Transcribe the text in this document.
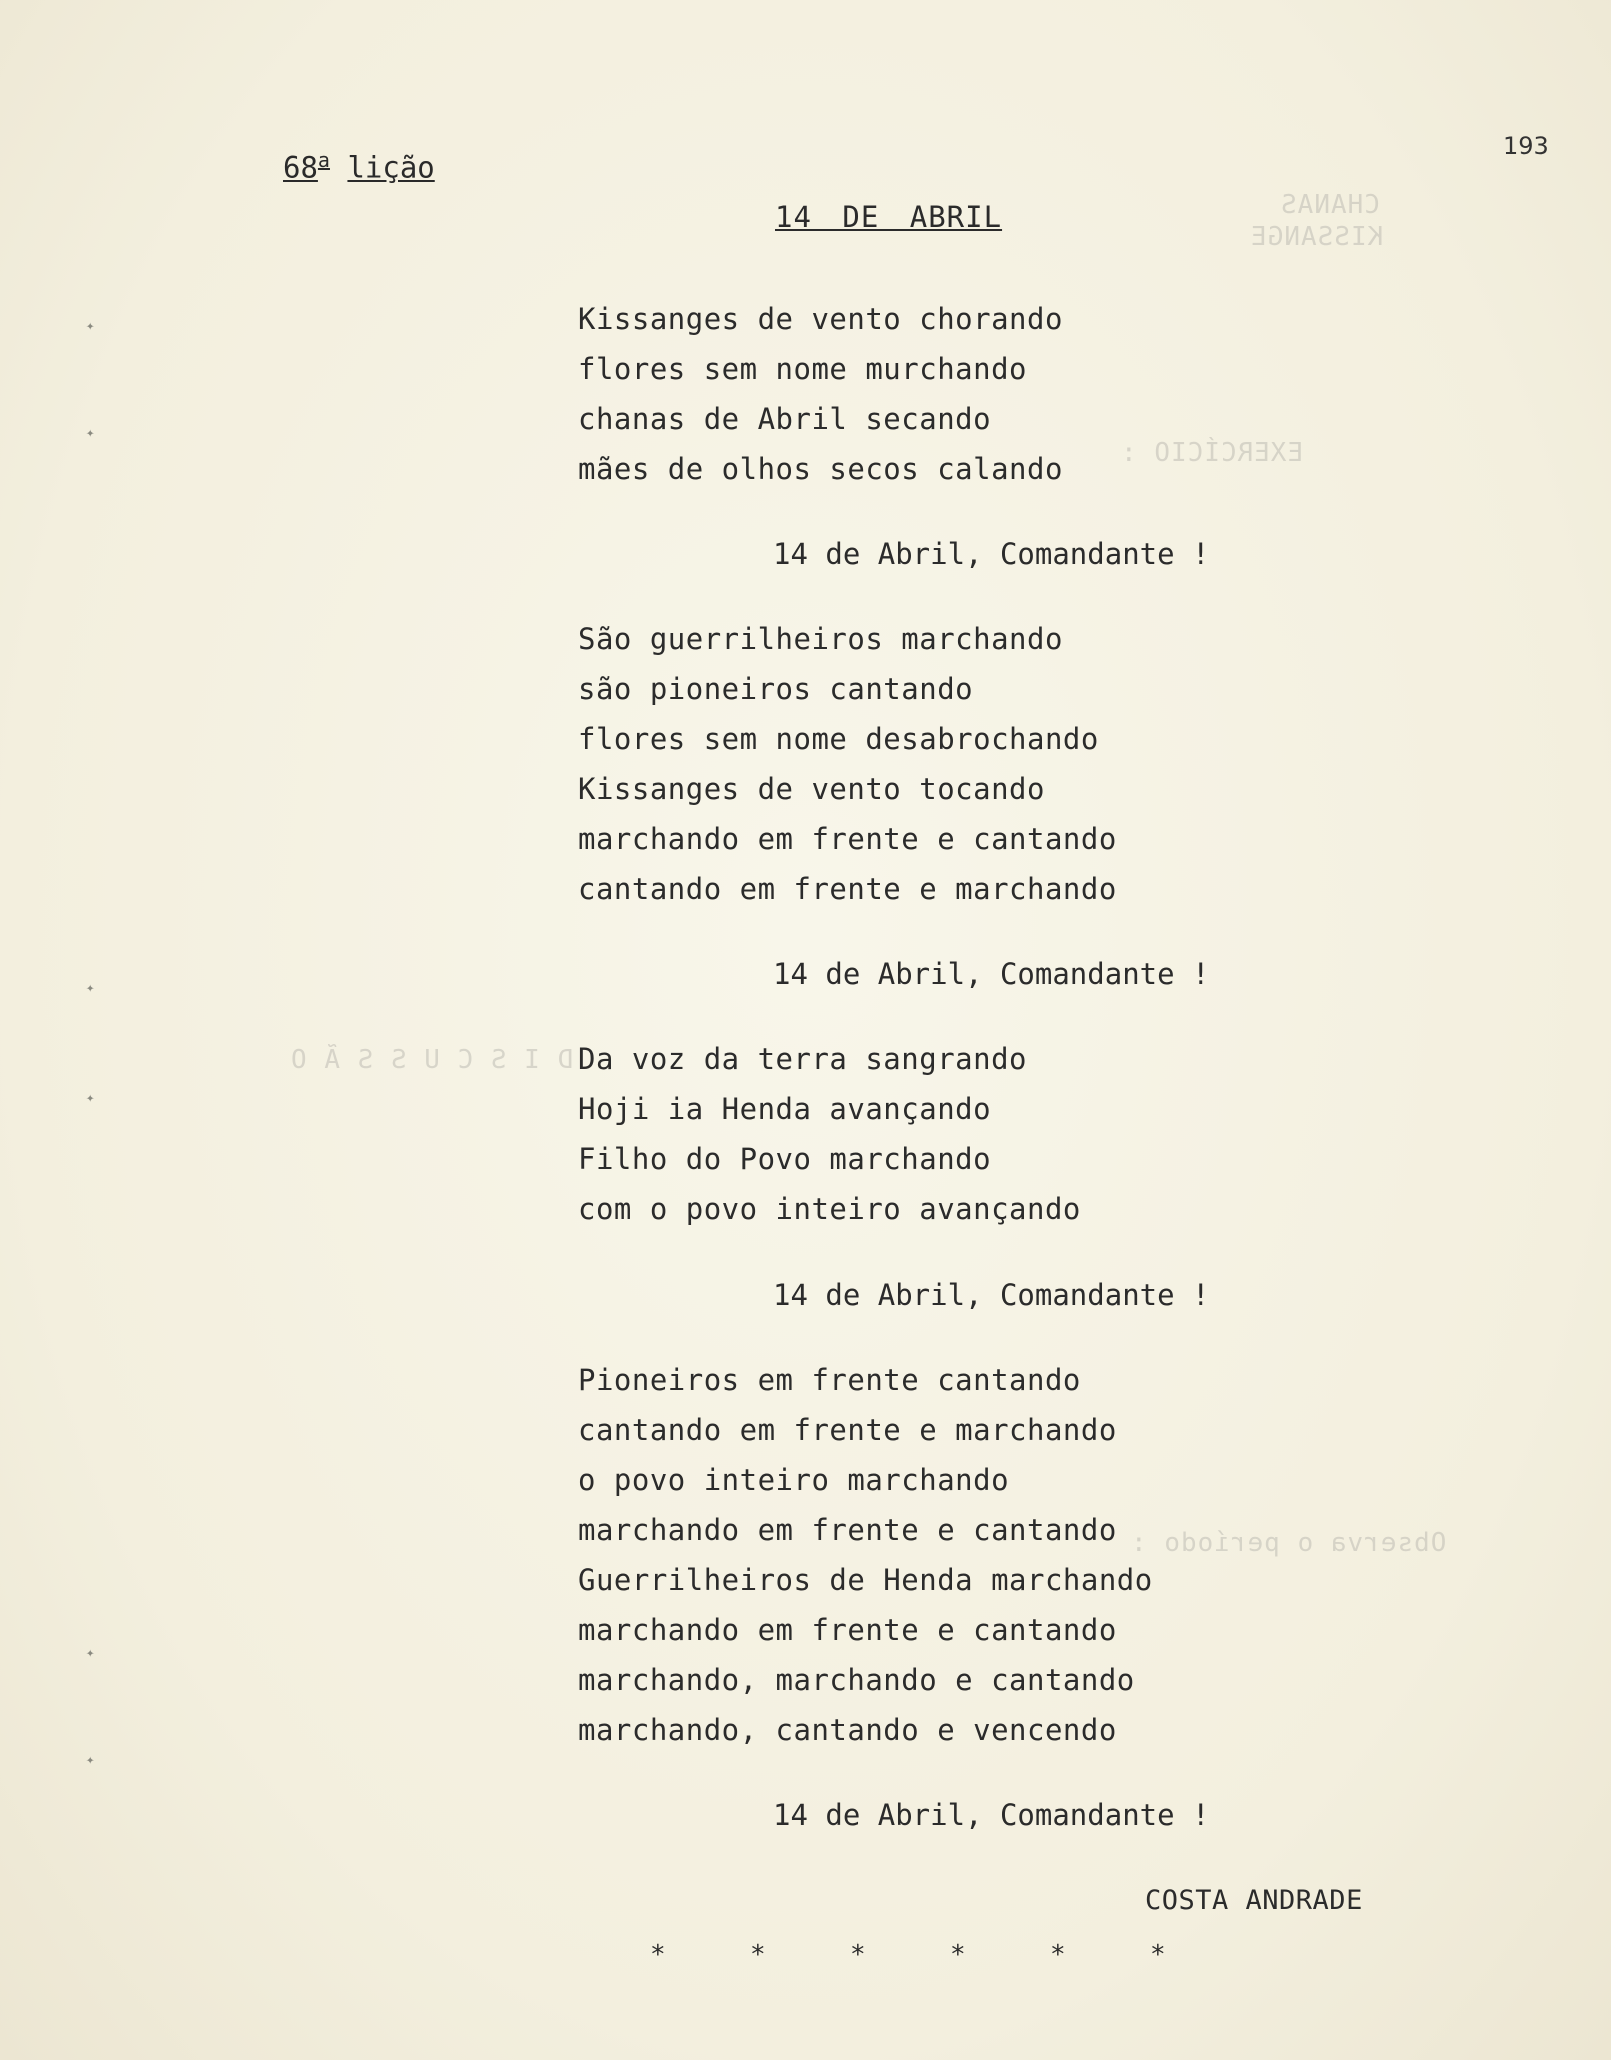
CHANAS
KISSANGE
EXERCÍCIO :
D I S C U S S Ã O
Observa o período :
193
68$^a$ lição
14 DE ABRIL
Kissanges de vento chorando
flores sem nome murchando
chanas de Abril secando
mães de olhos secos calando
14 de Abril, Comandante !
São guerrilheiros marchando
são pioneiros cantando
flores sem nome desabrochando
Kissanges de vento tocando
marchando em frente e cantando
cantando em frente e marchando
14 de Abril, Comandante !
Da voz da terra sangrando
Hoji ia Henda avançando
Filho do Povo marchando
com o povo inteiro avançando
14 de Abril, Comandante !
Pioneiros em frente cantando
cantando em frente e marchando
o povo inteiro marchando
marchando em frente e cantando
Guerrilheiros de Henda marchando
marchando em frente e cantando
marchando, marchando e cantando
marchando, cantando e vencendo
14 de Abril, Comandante !
COSTA ANDRADE
*	*	*	*	*	*
✦
✦
✦
✦
✦
✦
